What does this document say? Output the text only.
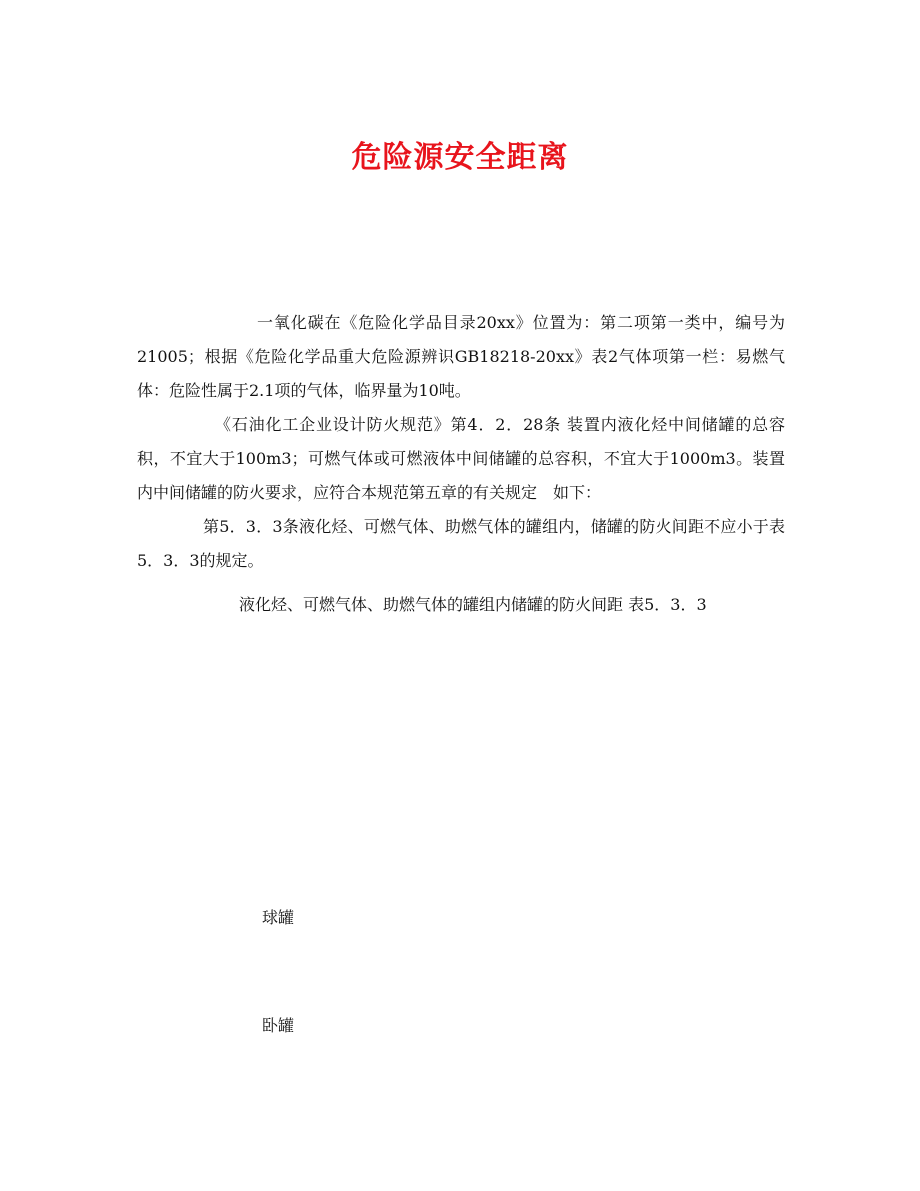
危险源安全距离

一氧化碳在《危险化学品目录20xx》位置为：第二项第一类中，编号为21005；根据《危险化学品重大危险源辨识GB18218-20xx》表2气体项第一栏：易燃气体：危险性属于2.1项的气体，临界量为10吨。

《石油化工企业设计防火规范》第4．2．28条 装置内液化烃中间储罐的总容积，不宜大于100m3；可燃气体或可燃液体中间储罐的总容积，不宜大于1000m3。装置内中间储罐的防火要求，应符合本规范第五章的有关规定　如下：

第5．3．3条液化烃、可燃气体、助燃气体的罐组内，储罐的防火间距不应小于表5．3．3的规定。

液化烃、可燃气体、助燃气体的罐组内储罐的防火间距 表5．3．3

球罐

卧罐
